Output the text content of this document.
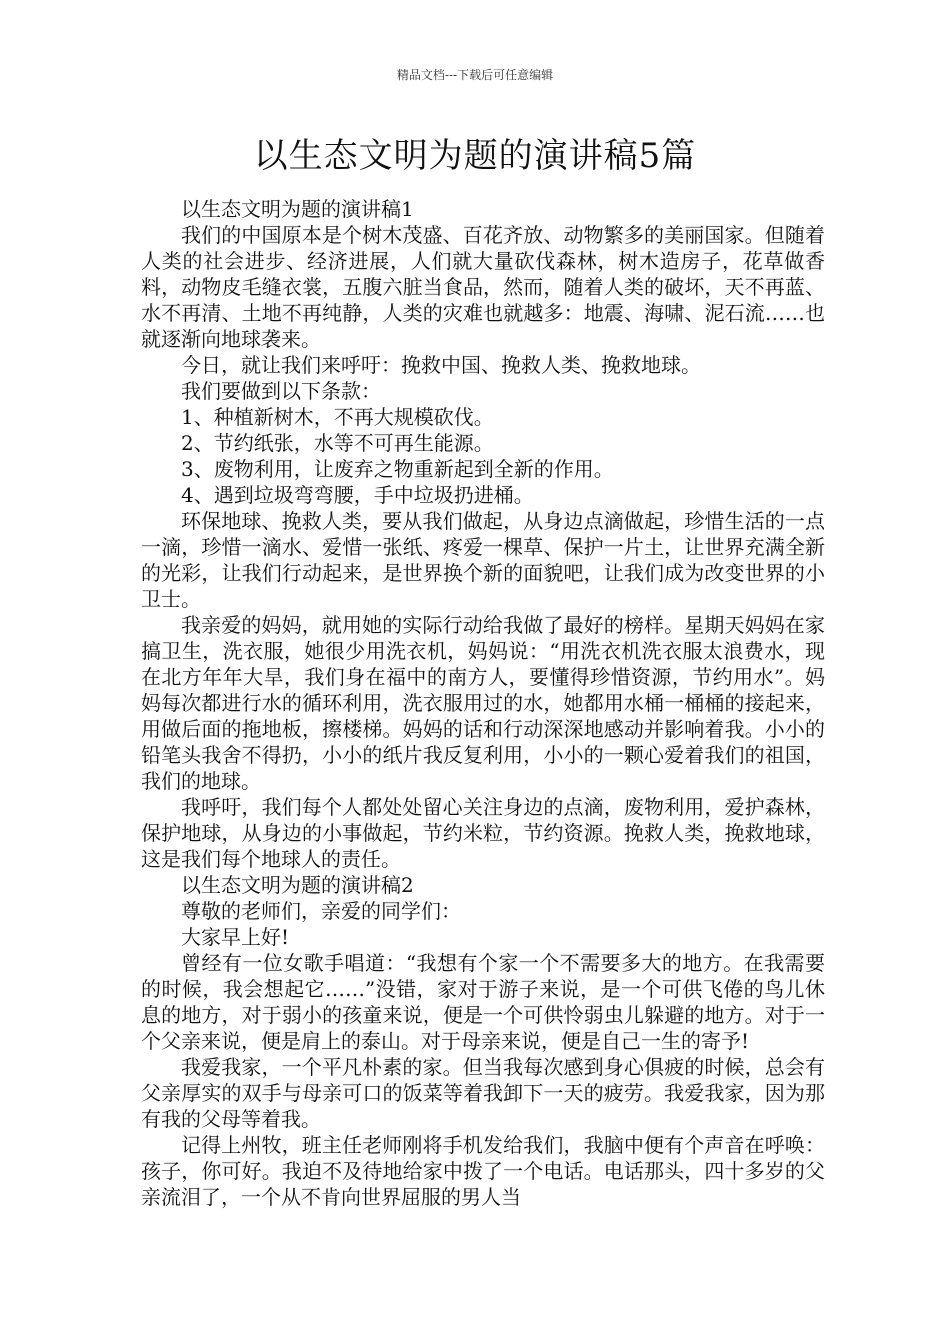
精品文档---下载后可任意编辑
以生态文明为题的演讲稿5篇

以生态文明为题的演讲稿1

我们的中国原本是个树木茂盛、百花齐放、动物繁多的美丽国家。但随着人类的社会进步、经济进展，人们就大量砍伐森林，树木造房子，花草做香料，动物皮毛缝衣裳，五腹六脏当食品，然而，随着人类的破坏，天不再蓝、水不再清、土地不再纯静，人类的灾难也就越多：地震、海啸、泥石流……也就逐渐向地球袭来。

今日，就让我们来呼吁：挽救中国、挽救人类、挽救地球。

我们要做到以下条款：

1、种植新树木，不再大规模砍伐。

2、节约纸张，水等不可再生能源。

3、废物利用，让废弃之物重新起到全新的作用。

4、遇到垃圾弯弯腰，手中垃圾扔进桶。

环保地球、挽救人类，要从我们做起，从身边点滴做起，珍惜生活的一点一滴，珍惜一滴水、爱惜一张纸、疼爱一棵草、保护一片土，让世界充满全新的光彩，让我们行动起来，是世界换个新的面貌吧，让我们成为改变世界的小卫士。

我亲爱的妈妈，就用她的实际行动给我做了最好的榜样。星期天妈妈在家搞卫生，洗衣服，她很少用洗衣机，妈妈说：“用洗衣机洗衣服太浪费水，现在北方年年大旱，我们身在福中的南方人，要懂得珍惜资源，节约用水”。妈妈每次都进行水的循环利用，洗衣服用过的水，她都用水桶一桶桶的接起来，用做后面的拖地板，擦楼梯。妈妈的话和行动深深地感动并影响着我。小小的铅笔头我舍不得扔，小小的纸片我反复利用，小小的一颗心爱着我们的祖国，我们的地球。

我呼吁，我们每个人都处处留心关注身边的点滴，废物利用，爱护森林，保护地球，从身边的小事做起，节约米粒，节约资源。挽救人类，挽救地球，这是我们每个地球人的责任。

以生态文明为题的演讲稿2

尊敬的老师们，亲爱的同学们：

大家早上好!

曾经有一位女歌手唱道：“我想有个家一个不需要多大的地方。在我需要的时候，我会想起它……”没错，家对于游子来说，是一个可供飞倦的鸟儿休息的地方，对于弱小的孩童来说，便是一个可供怜弱虫儿躲避的地方。对于一个父亲来说，便是肩上的泰山。对于母亲来说，便是自己一生的寄予!

我爱我家，一个平凡朴素的家。但当我每次感到身心俱疲的时候，总会有父亲厚实的双手与母亲可口的饭菜等着我卸下一天的疲劳。我爱我家，因为那有我的父母等着我。

记得上州牧，班主任老师刚将手机发给我们，我脑中便有个声音在呼唤：孩子，你可好。我迫不及待地给家中拨了一个电话。电话那头，四十多岁的父亲流泪了，一个从不肯向世界屈服的男人当
